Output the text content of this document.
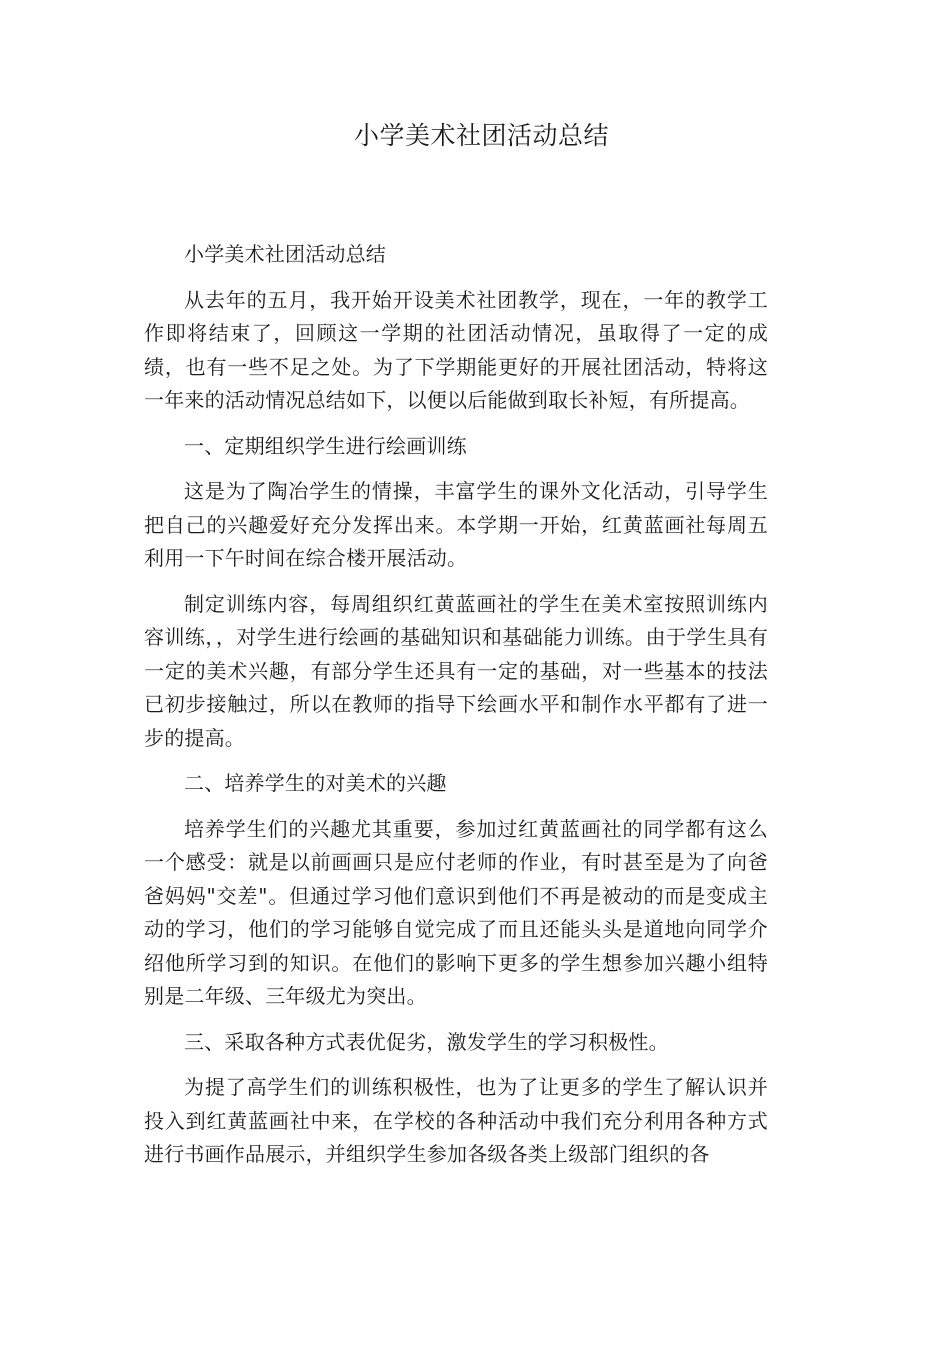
小学美术社团活动总结

小学美术社团活动总结

从去年的五月，我开始开设美术社团教学，现在，一年的教学工作即将结束了，回顾这一学期的社团活动情况，虽取得了一定的成绩，也有一些不足之处。为了下学期能更好的开展社团活动，特将这一年来的活动情况总结如下，以便以后能做到取长补短，有所提高。

一、定期组织学生进行绘画训练

这是为了陶冶学生的情操，丰富学生的课外文化活动，引导学生把自己的兴趣爱好充分发挥出来。本学期一开始，红黄蓝画社每周五利用一下午时间在综合楼开展活动。

制定训练内容，每周组织红黄蓝画社的学生在美术室按照训练内容训练，，对学生进行绘画的基础知识和基础能力训练。由于学生具有一定的美术兴趣，有部分学生还具有一定的基础，对一些基本的技法已初步接触过，所以在教师的指导下绘画水平和制作水平都有了进一步的提高。

二、培养学生的对美术的兴趣

培养学生们的兴趣尤其重要，参加过红黄蓝画社的同学都有这么一个感受：就是以前画画只是应付老师的作业，有时甚至是为了向爸爸妈妈"交差"。但通过学习他们意识到他们不再是被动的而是变成主动的学习，他们的学习能够自觉完成了而且还能头头是道地向同学介绍他所学习到的知识。在他们的影响下更多的学生想参加兴趣小组特别是二年级、三年级尤为突出。

三、采取各种方式表优促劣，激发学生的学习积极性。

为提了高学生们的训练积极性，也为了让更多的学生了解认识并投入到红黄蓝画社中来，在学校的各种活动中我们充分利用各种方式进行书画作品展示，并组织学生参加各级各类上级部门组织的各
